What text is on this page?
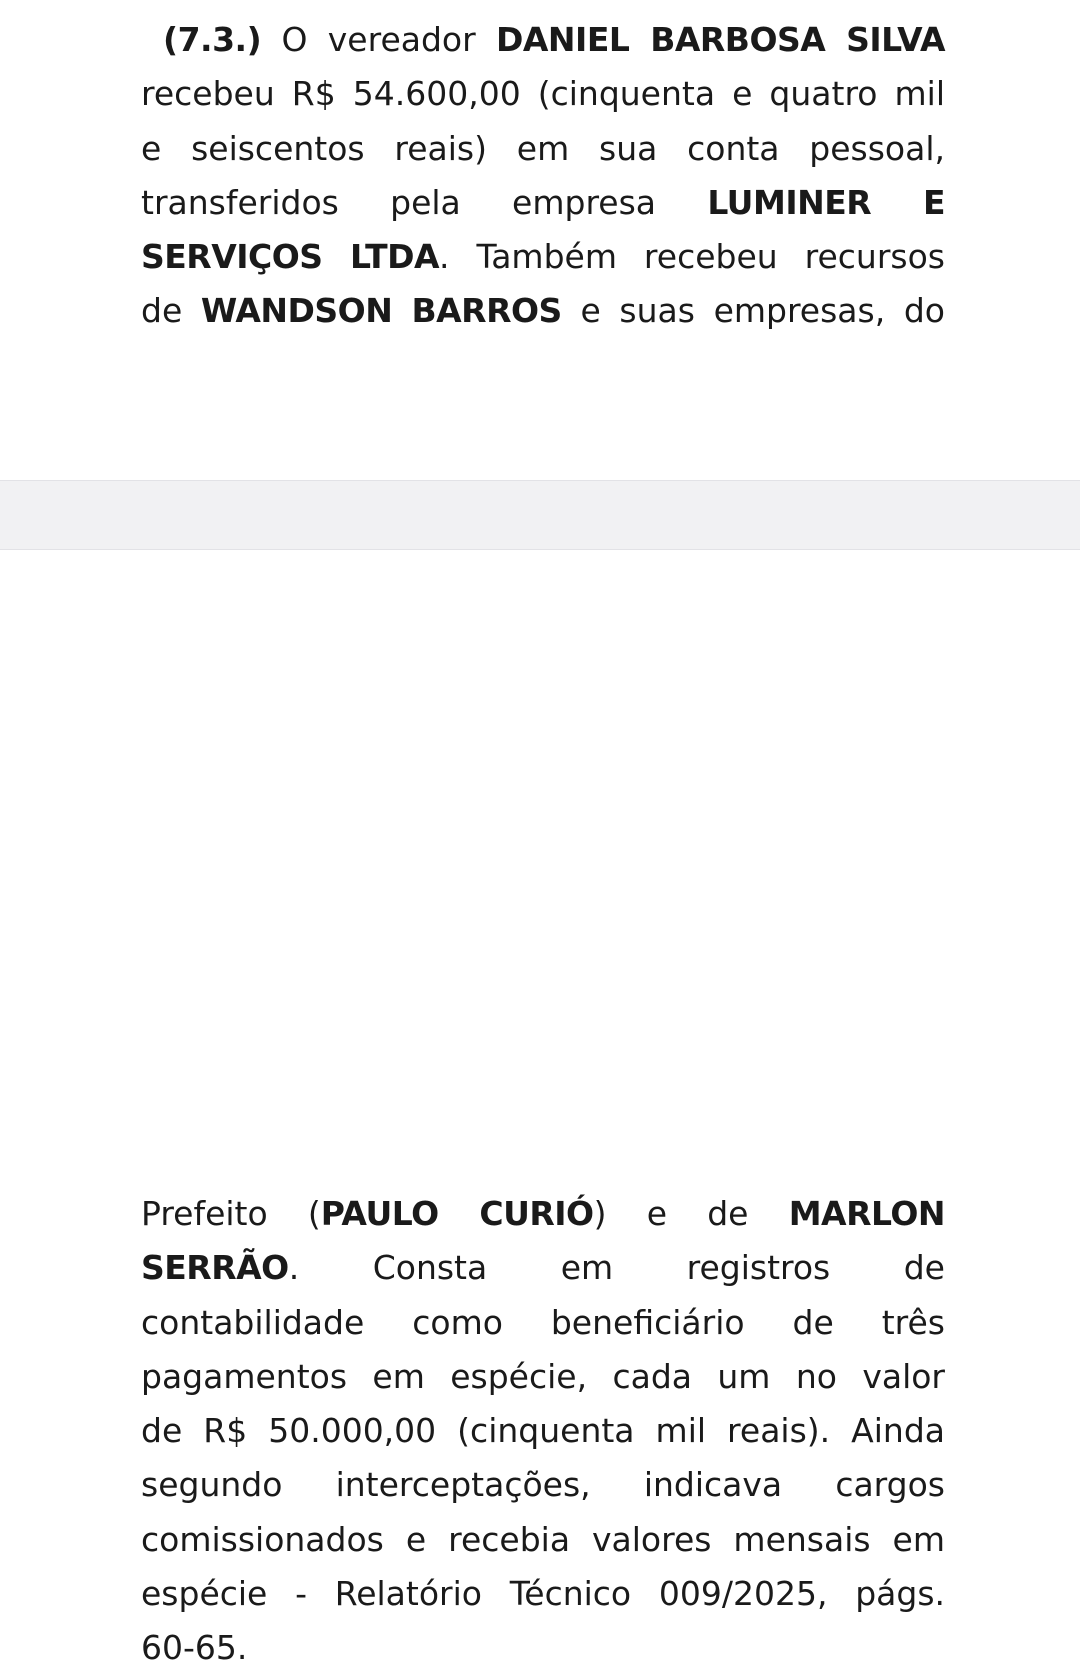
(7.3.) O vereador DANIEL BARBOSA SILVA
recebeu R$ 54.600,00 (cinquenta e quatro mil
e seiscentos reais) em sua conta pessoal,
transferidos pela empresa LUMINER E
SERVIÇOS LTDA. Também recebeu recursos
de WANDSON BARROS e suas empresas, do

Prefeito (PAULO CURIÓ) e de MARLON
SERRÃO. Consta em registros de
contabilidade como beneficiário de três
pagamentos em espécie, cada um no valor
de R$ 50.000,00 (cinquenta mil reais). Ainda
segundo interceptações, indicava cargos
comissionados e recebia valores mensais em
espécie - Relatório Técnico 009/2025, págs.
60-65.
